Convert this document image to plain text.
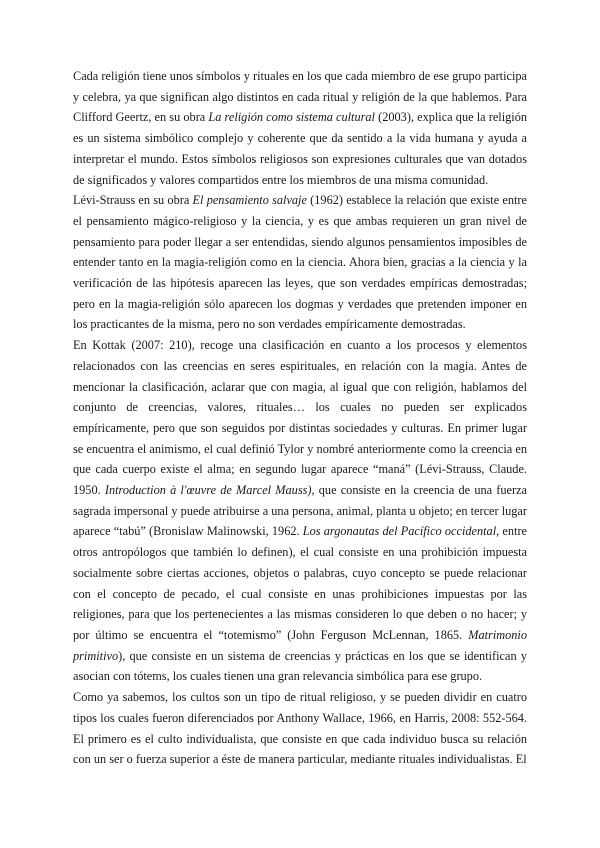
Cada religión tiene unos símbolos y rituales en los que cada miembro de ese grupo participa y celebra, ya que significan algo distintos en cada ritual y religión de la que hablemos. Para Clifford Geertz, en su obra La religión como sistema cultural (2003), explica que la religión es un sistema simbólico complejo y coherente que da sentido a la vida humana y ayuda a interpretar el mundo. Estos símbolos religiosos son expresiones culturales que van dotados de significados y valores compartidos entre los miembros de una misma comunidad.

Lévi-Strauss en su obra El pensamiento salvaje (1962) establece la relación que existe entre el pensamiento mágico-religioso y la ciencia, y es que ambas requieren un gran nivel de pensamiento para poder llegar a ser entendidas, siendo algunos pensamientos imposibles de entender tanto en la magia-religión como en la ciencia. Ahora bien, gracias a la ciencia y la verificación de las hipótesis aparecen las leyes, que son verdades empíricas demostradas; pero en la magia-religión sólo aparecen los dogmas y verdades que pretenden imponer en los practicantes de la misma, pero no son verdades empíricamente demostradas.

En Kottak (2007: 210), recoge una clasificación en cuanto a los procesos y elementos relacionados con las creencias en seres espirituales, en relación con la magia. Antes de mencionar la clasificación, aclarar que con magia, al igual que con religión, hablamos del conjunto de creencias, valores, rituales… los cuales no pueden ser explicados empíricamente, pero que son seguidos por distintas sociedades y culturas. En primer lugar se encuentra el animismo, el cual definió Tylor y nombré anteriormente como la creencia en que cada cuerpo existe el alma; en segundo lugar aparece “maná” (Lévi-Strauss, Claude. 1950. Introduction à l'œuvre de Marcel Mauss), que consiste en la creencia de una fuerza sagrada impersonal y puede atribuirse a una persona, animal, planta u objeto; en tercer lugar aparece “tabú” (Bronislaw Malinowski, 1962. Los argonautas del Pacífico occidental, entre otros antropólogos que también lo definen), el cual consiste en una prohibición impuesta socialmente sobre ciertas acciones, objetos o palabras, cuyo concepto se puede relacionar con el concepto de pecado, el cual consiste en unas prohibiciones impuestas por las religiones, para que los pertenecientes a las mismas consideren lo que deben o no hacer; y por último se encuentra el “totemismo” (John Ferguson McLennan, 1865. Matrimonio primitivo), que consiste en un sistema de creencias y prácticas en los que se identifican y asocian con tótems, los cuales tienen una gran relevancia simbólica para ese grupo.

Como ya sabemos, los cultos son un tipo de ritual religioso, y se pueden dividir en cuatro tipos los cuales fueron diferenciados por Anthony Wallace, 1966, en Harris, 2008: 552-564. El primero es el culto individualista, que consiste en que cada individuo busca su relación con un ser o fuerza superior a éste de manera particular, mediante rituales individualistas. El
